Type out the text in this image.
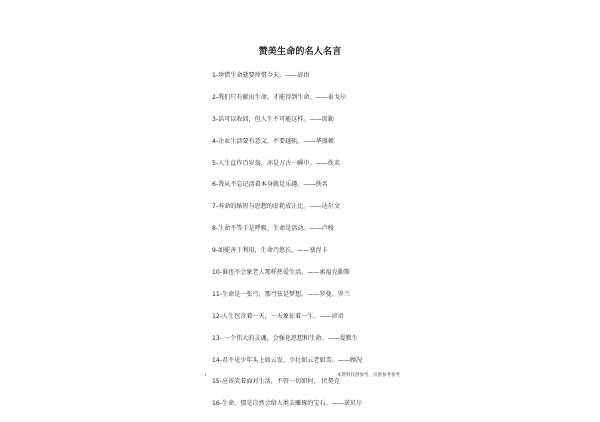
赞美生命的名人名言
1-珍惜生命就要珍惜今天。——谚语
2-我们只有献出生命，才能得到生命。——泰戈尔
3-话可以收回，但人生不可能这样。——席勒
4-企业生活要有意义，不要越轨。——华盛顿
5-人生直作百岁翁，亦是万古一瞬中。——佚名
6-我从不忘记活着本身就是乐趣。——佚名
7-寿命的缩短与思想的虚耗成正比。——达尔文
8-生命不等于是呼吸，生命是活动。——卢梭
9-如能善于利用，生命乃悠长。——塞涅卡
10-谁也不会象老人那样热爱生活。——索福克勒斯
11-生命是一张弓，那弓弦是梦想。——罗曼、罗兰
12-人生包含着一天，一天象征着一生。——谚语
13- 一个伟大的灵魂，会强化思想和生命。——爱默生
14-君不见少年头上如云发，少壮如云老如雪。——顾况
15-应该笑着面对生活，不管一切如何， 伏契克
16-生命，那是自然会给人类去雕琢的宝石。——诺贝尔
1	本资料仅供参考，仅供参考参考
